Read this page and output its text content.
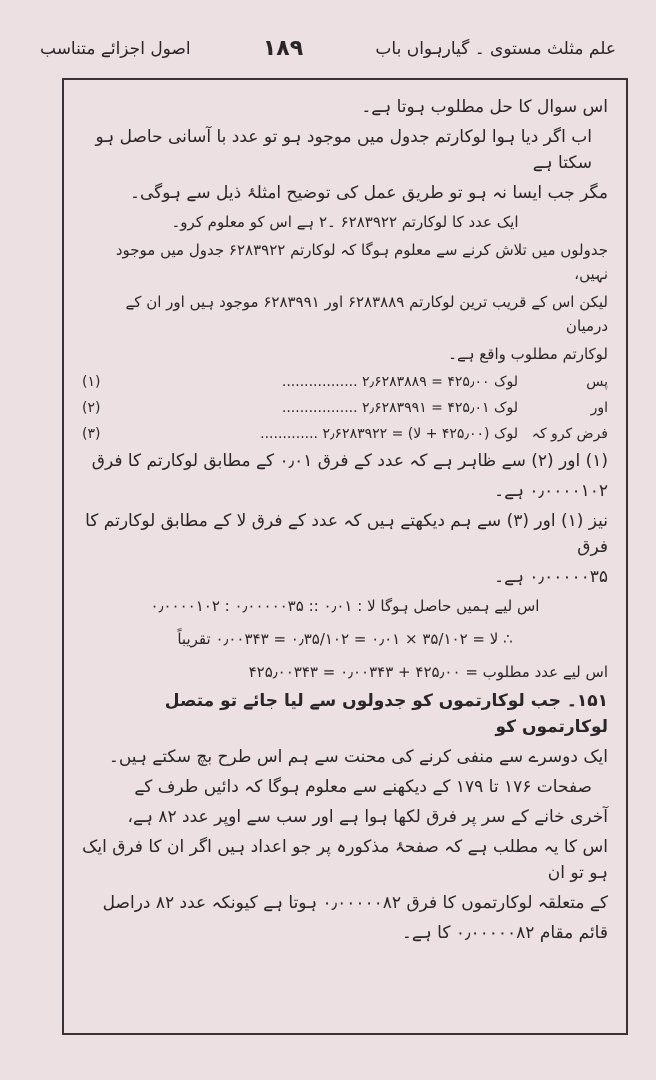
علم مثلث مستوی ۔ گیارہواں باب
۱۸۹
اصول اجزائے متناسب

اس سوال کا حل مطلوب ہوتا ہے۔

اب اگر دیا ہوا لوکارتم جدول میں موجود ہو تو عدد با آسانی حاصل ہو سکتا ہے

مگر جب ایسا نہ ہو تو طریق عمل کی توضیح امثلۂ ذیل سے ہوگی۔

ایک عدد کا لوکارتم ۶۲۸۳۹۲۲ ۔۲ ہے اس کو معلوم کرو۔

جدولوں میں تلاش کرنے سے معلوم ہوگا کہ لوکارتم ۶۲۸۳۹۲۲ جدول میں موجود نہیں،

لیکن اس کے قریب ترین لوکارتم ۶۲۸۳۸۸۹ اور ۶۲۸۳۹۹۱ موجود ہیں اور ان کے درمیان

لوکارتم مطلوب واقع ہے۔

پس
لوک ۴۲۵٫۰۰ = ۲٫۶۲۸۳۸۸۹ .................
(۱)
اور
لوک ۴۲۵٫۰۱ = ۲٫۶۲۸۳۹۹۱ .................
(۲)
فرض کرو کہ
لوک (۴۲۵٫۰۰ + لا) = ۲٫۶۲۸۳۹۲۲ .............
(۳)

(۱) اور (۲) سے ظاہر ہے کہ عدد کے فرق ۰٫۰۱ کے مطابق لوکارتم کا فرق

۰٫۰۰۰۰۱۰۲ ہے۔

نیز (۱) اور (۳) سے ہم دیکھتے ہیں کہ عدد کے فرق لا کے مطابق لوکارتم کا فرق

۰٫۰۰۰۰۰۳۵ ہے۔

اس لیے ہمیں حاصل ہوگا لا : ۰٫۰۱ :: ۰٫۰۰۰۰۰۳۵ : ۰٫۰۰۰۰۱۰۲

∴ لا = ۳۵/۱۰۲ × ۰٫۰۱ = ۰٫۳۵/۱۰۲ = ۰٫۰۰۳۴۳ تقریباً

اس لیے عدد مطلوب = ۴۲۵٫۰۰ + ۰٫۰۰۳۴۳ = ۴۲۵٫۰۰۳۴۳

۱۵۱۔ جب لوکارتموں کو جدولوں سے لیا جائے تو متصل لوکارتموں کو

ایک دوسرے سے منفی کرنے کی محنت سے ہم اس طرح بچ سکتے ہیں۔

صفحات ۱۷۶ تا ۱۷۹ کے دیکھنے سے معلوم ہوگا کہ دائیں طرف کے

آخری خانے کے سر پر فرق لکھا ہوا ہے اور سب سے اوپر عدد ۸۲ ہے،

اس کا یہ مطلب ہے کہ صفحۂ مذکورہ پر جو اعداد ہیں اگر ان کا فرق ایک ہو تو ان

کے متعلقہ لوکارتموں کا فرق ۰٫۰۰۰۰۰۸۲ ہوتا ہے کیونکہ عدد ۸۲ دراصل

قائم مقام ۰٫۰۰۰۰۰۸۲ کا ہے۔
